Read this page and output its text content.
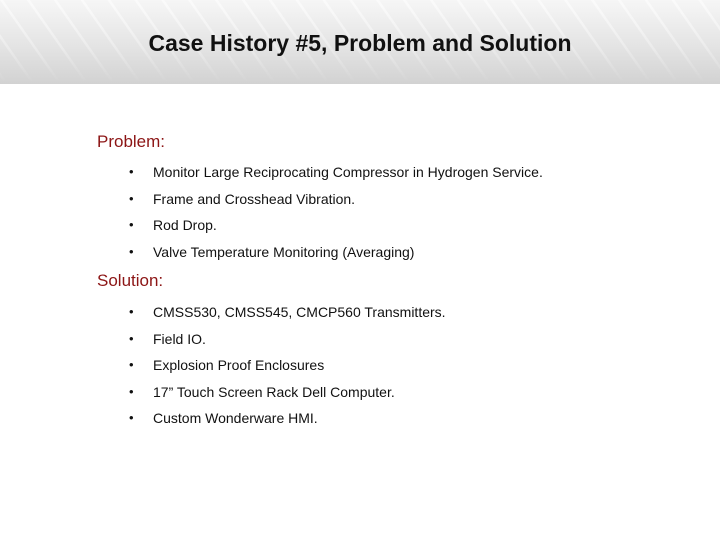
Case History #5, Problem and Solution
Problem:
• Monitor Large Reciprocating Compressor in Hydrogen Service.
• Frame and Crosshead Vibration.
• Rod Drop.
• Valve Temperature Monitoring (Averaging)
Solution:
• CMSS530, CMSS545, CMCP560 Transmitters.
• Field IO.
• Explosion Proof Enclosures
• 17” Touch Screen Rack Dell Computer.
• Custom Wonderware HMI.
